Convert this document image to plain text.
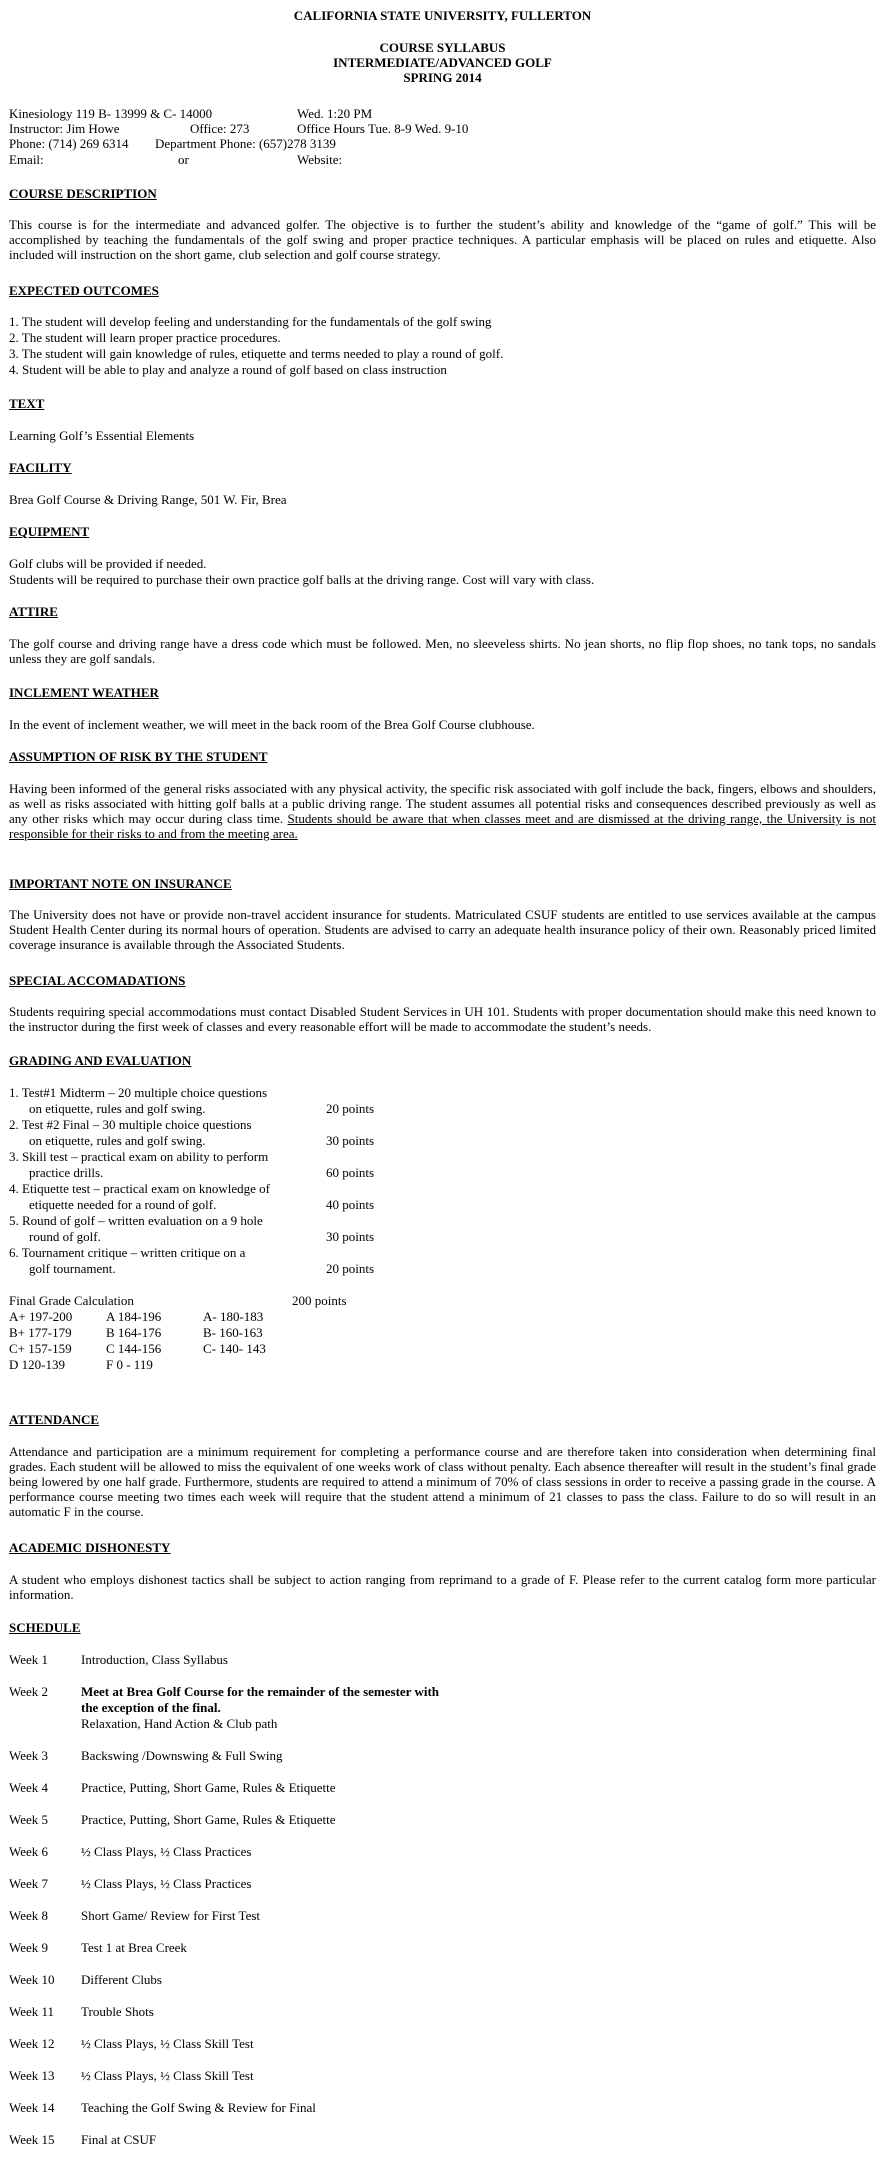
CALIFORNIA STATE UNIVERSITY, FULLERTON
COURSE SYLLABUS
INTERMEDIATE/ADVANCED GOLF
SPRING 2014
Kinesiology 119 B- 13999 & C- 14000	Wed. 1:20 PM
Instructor: Jim Howe	Office: 273	Office Hours Tue. 8-9 Wed. 9-10
Phone: (714) 269 6314 Department Phone: (657)278 3139
Email:	or	Website:
COURSE DESCRIPTION
This course is for the intermediate and advanced golfer. The objective is to further the student’s ability and knowledge of the “game of golf.” This will be accomplished by teaching the fundamentals of the golf swing and proper practice techniques. A particular emphasis will be placed on rules and etiquette. Also included will instruction on the short game, club selection and golf course strategy.
EXPECTED OUTCOMES
1. The student will develop feeling and understanding for the fundamentals of the golf swing
2. The student will learn proper practice procedures.
3. The student will gain knowledge of rules, etiquette and terms needed to play a round of golf.
4. Student will be able to play and analyze a round of golf based on class instruction
TEXT
Learning Golf’s Essential Elements
FACILITY
Brea Golf Course & Driving Range, 501 W. Fir, Brea
EQUIPMENT
Golf clubs will be provided if needed.
Students will be required to purchase their own practice golf balls at the driving range. Cost will vary with class.
ATTIRE
The golf course and driving range have a dress code which must be followed. Men, no sleeveless shirts. No jean shorts, no flip flop shoes, no tank tops, no sandals unless they are golf sandals.
INCLEMENT WEATHER
In the event of inclement weather, we will meet in the back room of the Brea Golf Course clubhouse.
ASSUMPTION OF RISK BY THE STUDENT
Having been informed of the general risks associated with any physical activity, the specific risk associated with golf include the back, fingers, elbows and shoulders, as well as risks associated with hitting golf balls at a public driving range. The student assumes all potential risks and consequences described previously as well as any other risks which may occur during class time. Students should be aware that when classes meet and are dismissed at the driving range, the University is not responsible for their risks to and from the meeting area.
IMPORTANT NOTE ON INSURANCE
The University does not have or provide non-travel accident insurance for students. Matriculated CSUF students are entitled to use services available at the campus Student Health Center during its normal hours of operation. Students are advised to carry an adequate health insurance policy of their own. Reasonably priced limited coverage insurance is available through the Associated Students.
SPECIAL ACCOMADATIONS
Students requiring special accommodations must contact Disabled Student Services in UH 101. Students with proper documentation should make this need known to the instructor during the first week of classes and every reasonable effort will be made to accommodate the student’s needs.
GRADING AND EVALUATION
1. Test#1 Midterm – 20 multiple choice questions
on etiquette, rules and golf swing.	20 points
2. Test #2 Final – 30 multiple choice questions
on etiquette, rules and golf swing.	30 points
3. Skill test – practical exam on ability to perform
practice drills.	60 points
4. Etiquette test – practical exam on knowledge of
etiquette needed for a round of golf.	40 points
5. Round of golf – written evaluation on a 9 hole
round of golf.	30 points
6. Tournament critique – written critique on a
golf tournament.	20 points
Final Grade Calculation	200 points
A+ 197-200	A 184-196	A- 180-183
B+ 177-179	B 164-176	B- 160-163
C+ 157-159	C 144-156	C- 140- 143
D 120-139	F 0 - 119
ATTENDANCE
Attendance and participation are a minimum requirement for completing a performance course and are therefore taken into consideration when determining final grades. Each student will be allowed to miss the equivalent of one weeks work of class without penalty. Each absence thereafter will result in the student’s final grade being lowered by one half grade. Furthermore, students are required to attend a minimum of 70% of class sessions in order to receive a passing grade in the course. A performance course meeting two times each week will require that the student attend a minimum of 21 classes to pass the class. Failure to do so will result in an automatic F in the course.
ACADEMIC DISHONESTY
A student who employs dishonest tactics shall be subject to action ranging from reprimand to a grade of F. Please refer to the current catalog form more particular information.
SCHEDULE
Week 1	Introduction, Class Syllabus
Week 2	Meet at Brea Golf Course for the remainder of the semester with
the exception of the final.
Relaxation, Hand Action & Club path
Week 3	Backswing /Downswing & Full Swing
Week 4	Practice, Putting, Short Game, Rules & Etiquette
Week 5	Practice, Putting, Short Game, Rules & Etiquette
Week 6	½ Class Plays, ½ Class Practices
Week 7	½ Class Plays, ½ Class Practices
Week 8	Short Game/ Review for First Test
Week 9	Test 1 at Brea Creek
Week 10 Different Clubs
Week 11 Trouble Shots
Week 12 ½ Class Plays, ½ Class Skill Test
Week 13 ½ Class Plays, ½ Class Skill Test
Week 14 Teaching the Golf Swing & Review for Final
Week 15 Final at CSUF
